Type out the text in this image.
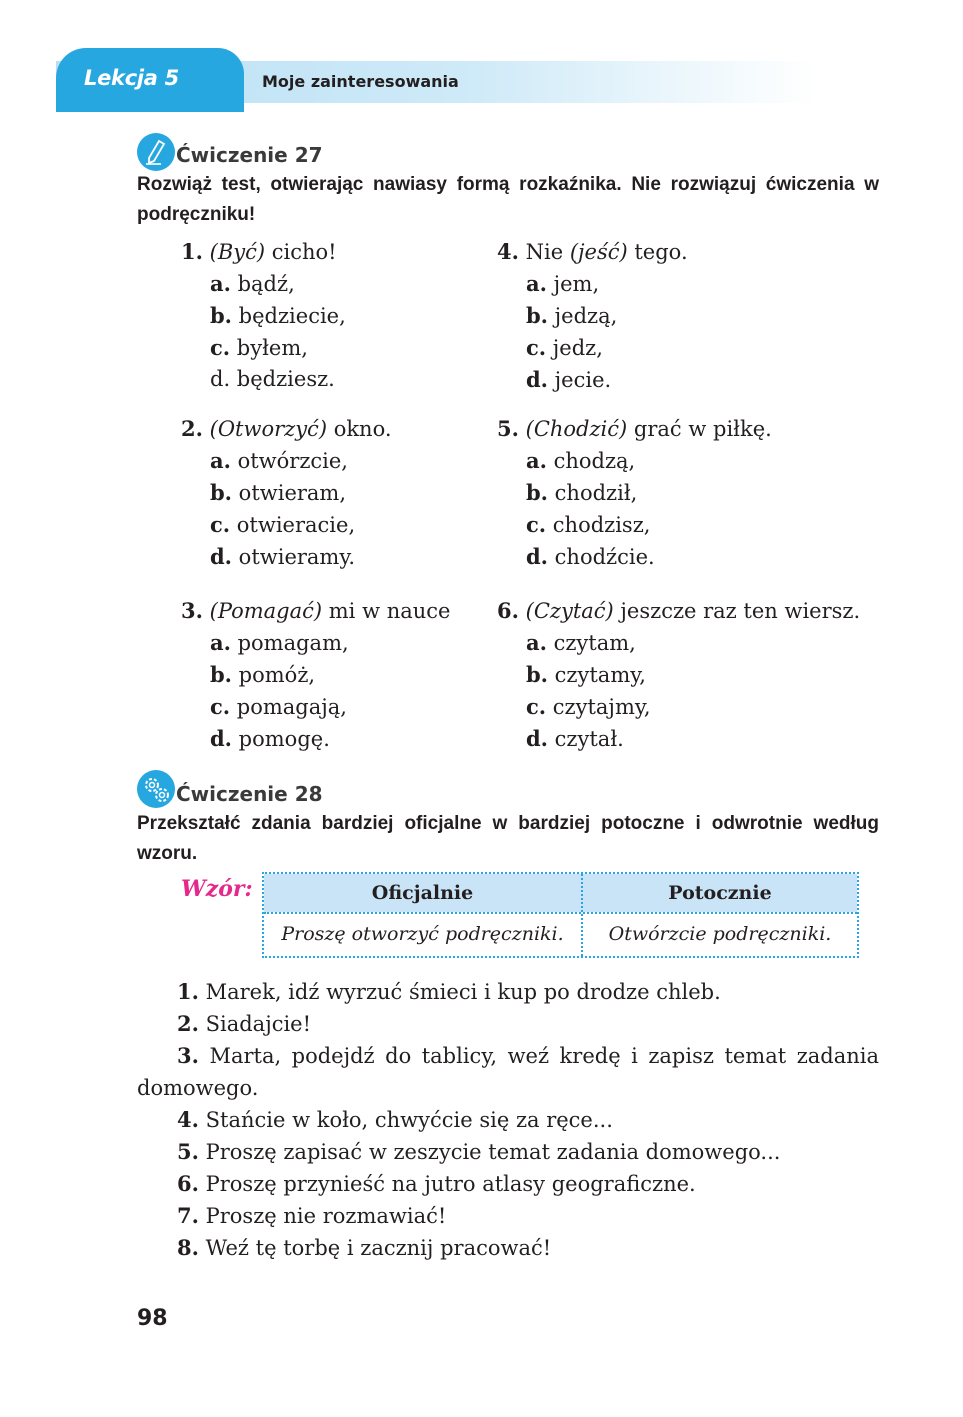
Lekcja 5	Moje zainteresowania
Ćwiczenie 27
Rozwiąż test, otwierając nawiasy formą rozkaźnika. Nie rozwiązuj ćwiczenia w podręczniku!
1. (Być) cicho!
a. bądź,
b. będziecie,
c. byłem,
d. będziesz.
2. (Otworzyć) okno.
a. otwórzcie,
b. otwieram,
c. otwieracie,
d. otwieramy.
3. (Pomagać) mi w nauce
a. pomagam,
b. pomóż,
c. pomagają,
d. pomogę.
4. Nie (jeść) tego.
a. jem,
b. jedzą,
c. jedz,
d. jecie.
5. (Chodzić) grać w piłkę.
a. chodzą,
b. chodził,
c. chodzisz,
d. chodźcie.
6. (Czytać) jeszcze raz ten wiersz.
a. czytam,
b. czytamy,
c. czytajmy,
d. czytał.
Ćwiczenie 28
Przekształć zdania bardziej oficjalne w bardziej potoczne i odwrotnie według wzoru.
Wzór:	Oficjalnie	Potocznie
Proszę otworzyć podręczniki.	Otwórzcie podręczniki.
1. Marek, idź wyrzuć śmieci i kup po drodze chleb.
2. Siadajcie!
3. Marta, podejdź do tablicy, weź kredę i zapisz temat zadania domowego.
4. Stańcie w koło, chwyćcie się za ręce...
5. Proszę zapisać w zeszycie temat zadania domowego...
6. Proszę przynieść na jutro atlasy geograficzne.
7. Proszę nie rozmawiać!
8. Weź tę torbę i zacznij pracować!
98
